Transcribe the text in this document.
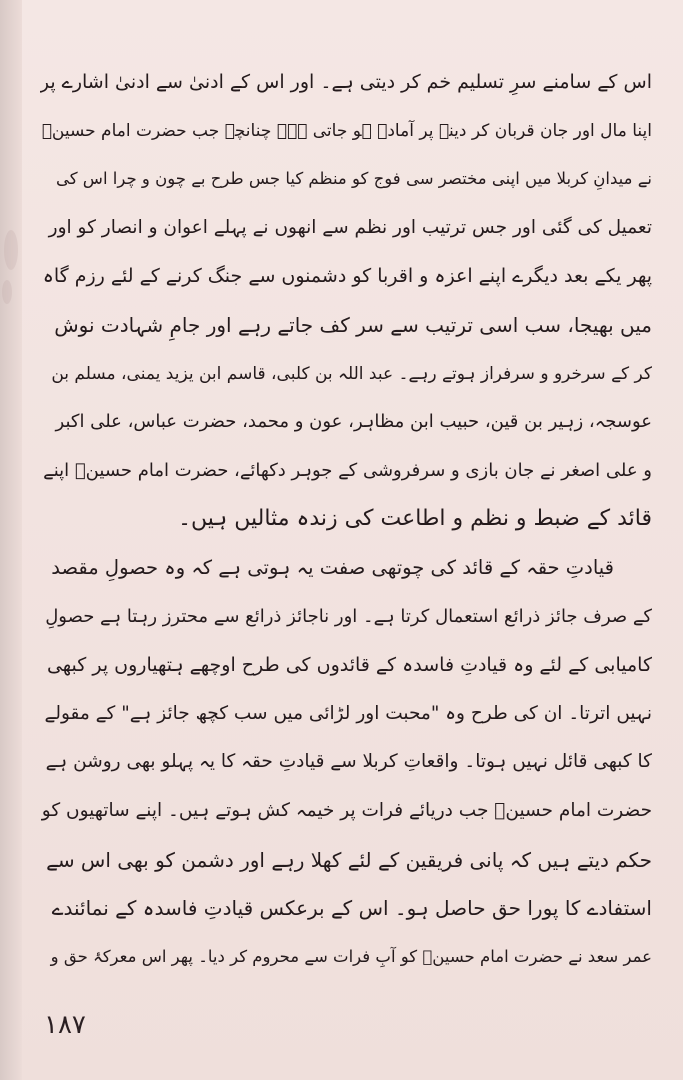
اس کے سامنے سرِ تسلیم خم کر دیتی ہے۔ اور اس کے ادنیٰ سے ادنیٰ اشارے پر
اپنا مال اور جان قربان کر دینے پر آمادہ ہو جاتی ہے۔ چنانچہ جب حضرت امام حسینؓ
نے میدانِ کربلا میں اپنی مختصر سی فوج کو منظم کیا جس طرح بے چون و چرا اس کی
تعمیل کی گئی اور جس ترتیب اور نظم سے انھوں نے پہلے اعوان و انصار کو اور
پھر یکے بعد دیگرے اپنے اعزہ و اقربا کو دشمنوں سے جنگ کرنے کے لئے رزم گاہ
میں بھیجا، سب اسی ترتیب سے سر کف جاتے رہے اور جامِ شہادت نوش
کر کے سرخرو و سرفراز ہوتے رہے۔ عبد اللہ بن کلبی، قاسم ابن یزید یمنی، مسلم بن
عوسجہ، زہیر بن قین، حبیب ابن مظاہر، عون و محمد، حضرت عباس، علی اکبر
و علی اصغر نے جان بازی و سرفروشی کے جوہر دکھائے، حضرت امام حسینؓ اپنے
قائد کے ضبط و نظم و اطاعت کی زندہ مثالیں ہیں۔
قیادتِ حقہ کے قائد کی چوتھی صفت یہ ہوتی ہے کہ وہ حصولِ مقصد
کے صرف جائز ذرائع استعمال کرتا ہے۔ اور ناجائز ذرائع سے محترز رہتا ہے حصولِ
کامیابی کے لئے وہ قیادتِ فاسدہ کے قائدوں کی طرح اوچھے ہتھیاروں پر کبھی
نہیں اترتا۔ ان کی طرح وہ "محبت اور لڑائی میں سب کچھ جائز ہے" کے مقولے
کا کبھی قائل نہیں ہوتا۔ واقعاتِ کربلا سے قیادتِ حقہ کا یہ پہلو بھی روشن ہے
حضرت امام حسینؓ جب دریائے فرات پر خیمہ کش ہوتے ہیں۔ اپنے ساتھیوں کو
حکم دیتے ہیں کہ پانی فریقین کے لئے کھلا رہے اور دشمن کو بھی اس سے
استفادے کا پورا حق حاصل ہو۔ اس کے برعکس قیادتِ فاسدہ کے نمائندے
عمر سعد نے حضرت امام حسینؓ کو آبِ فرات سے محروم کر دیا۔ پھر اس معرکۂ حق و
۱۸۷
